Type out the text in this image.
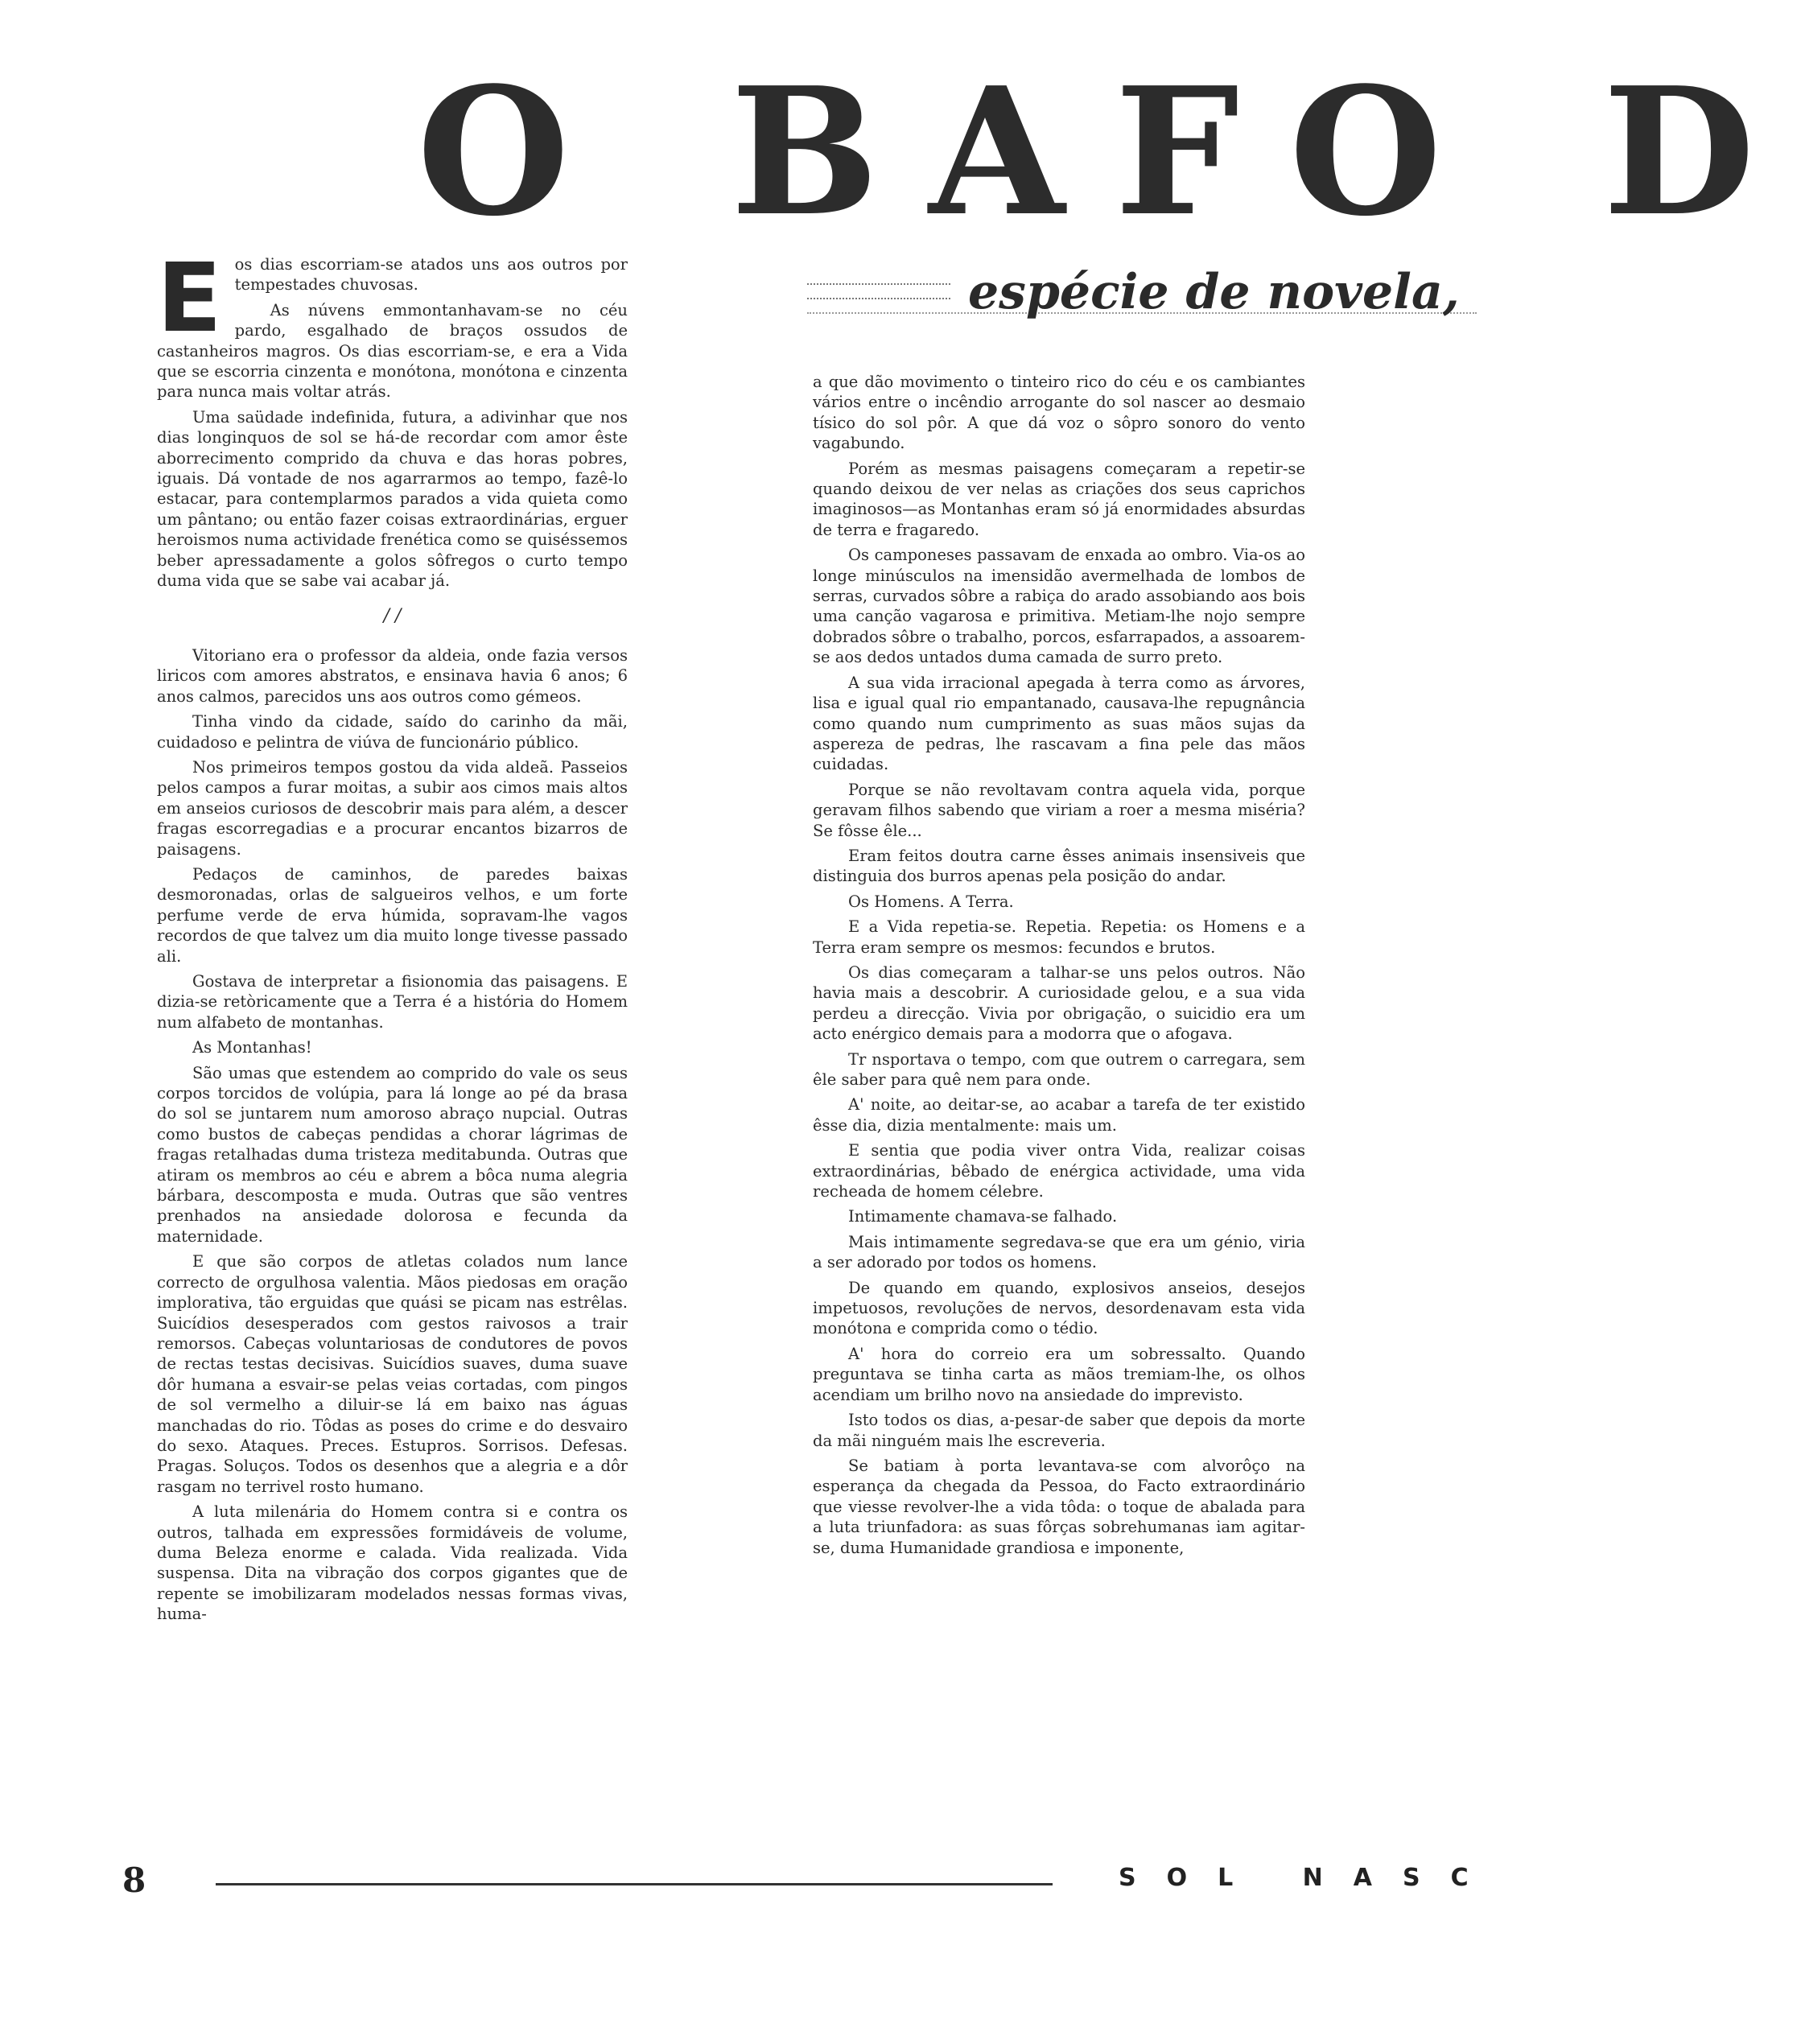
O BAFO D
espécie de novela,

Eos dias escorriam-se atados uns aos outros por tempestades chuvosas.

As núvens emmontanhavam-se no céu pardo, esgalhado de braços ossudos de castanheiros magros. Os dias escorriam-se, e era a Vida que se escorria cinzenta e monótona, monótona e cinzenta para nunca mais voltar atrás.

Uma saüdade indefinida, futura, a adivinhar que nos dias longinquos de sol se há-de recordar com amor êste aborrecimento comprido da chuva e das horas pobres, iguais. Dá vontade de nos agarrarmos ao tempo, fazê-lo estacar, para contemplarmos parados a vida quieta como um pântano; ou então fazer coisas extraordinárias, erguer heroismos numa actividade frenética como se quiséssemos beber apressadamente a golos sôfregos o curto tempo duma vida que se sabe vai acabar já.

/ /

Vitoriano era o professor da aldeia, onde fazia versos liricos com amores abstratos, e ensinava havia 6 anos; 6 anos calmos, parecidos uns aos outros como gémeos.

Tinha vindo da cidade, saído do carinho da mãi, cuidadoso e pelintra de viúva de funcionário público.

Nos primeiros tempos gostou da vida aldeã. Passeios pelos campos a furar moitas, a subir aos cimos mais altos em anseios curiosos de descobrir mais para além, a descer fragas escorregadias e a procurar encantos bizarros de paisagens.

Pedaços de caminhos, de paredes baixas desmoronadas, orlas de salgueiros velhos, e um forte perfume verde de erva húmida, sopravam-lhe vagos recordos de que talvez um dia muito longe tivesse passado ali.

Gostava de interpretar a fisionomia das paisagens. E dizia-se retòricamente que a Terra é a história do Homem num alfabeto de montanhas.

As Montanhas!

São umas que estendem ao comprido do vale os seus corpos torcidos de volúpia, para lá longe ao pé da brasa do sol se juntarem num amoroso abraço nupcial. Outras como bustos de cabeças pendidas a chorar lágrimas de fragas retalhadas duma tristeza meditabunda. Outras que atiram os membros ao céu e abrem a bôca numa alegria bárbara, descomposta e muda. Outras que são ventres prenhados na ansiedade dolorosa e fecunda da maternidade.

E que são corpos de atletas colados num lance correcto de orgulhosa valentia. Mãos piedosas em oração implorativa, tão erguidas que quási se picam nas estrêlas. Suicídios desesperados com gestos raivosos a trair remorsos. Cabeças voluntariosas de condutores de povos de rectas testas decisivas. Suicídios suaves, duma suave dôr humana a esvair-se pelas veias cortadas, com pingos de sol vermelho a diluir-se lá em baixo nas águas manchadas do rio. Tôdas as poses do crime e do desvairo do sexo. Ataques. Preces. Estupros. Sorrisos. Defesas. Pragas. Soluços. Todos os desenhos que a alegria e a dôr rasgam no terrivel rosto humano.

A luta milenária do Homem contra si e contra os outros, talhada em expressões formidáveis de volume, duma Beleza enorme e calada. Vida realizada. Vida suspensa. Dita na vibração dos corpos gigantes que de repente se imobilizaram modelados nessas formas vivas, huma-

a que dão movimento o tinteiro rico do céu e os cambiantes vários entre o incêndio arrogante do sol nascer ao desmaio tísico do sol pôr. A que dá voz o sôpro sonoro do vento vagabundo.

Porém as mesmas paisagens começaram a repetir-se quando deixou de ver nelas as criações dos seus caprichos imaginosos—as Montanhas eram só já enormidades absurdas de terra e fragaredo.

Os camponeses passavam de enxada ao ombro. Via-os ao longe minúsculos na imensidão avermelhada de lombos de serras, curvados sôbre a rabiça do arado assobiando aos bois uma canção vagarosa e primitiva. Metiam-lhe nojo sempre dobrados sôbre o trabalho, porcos, esfarrapados, a assoarem-se aos dedos untados duma camada de surro preto.

A sua vida irracional apegada à terra como as árvores, lisa e igual qual rio empantanado, causava-lhe repugnância como quando num cumprimento as suas mãos sujas da aspereza de pedras, lhe rascavam a fina pele das mãos cuidadas.

Porque se não revoltavam contra aquela vida, porque geravam filhos sabendo que viriam a roer a mesma miséria? Se fôsse êle...

Eram feitos doutra carne êsses animais insensiveis que distinguia dos burros apenas pela posição do andar.

Os Homens. A Terra.

E a Vida repetia-se. Repetia. Repetia: os Homens e a Terra eram sempre os mesmos: fecundos e brutos.

Os dias começaram a talhar-se uns pelos outros. Não havia mais a descobrir. A curiosidade gelou, e a sua vida perdeu a direcção. Vivia por obrigação, o suicidio era um acto enérgico demais para a modorra que o afogava.

Tr nsportava o tempo, com que outrem o carregara, sem êle saber para quê nem para onde.

A' noite, ao deitar-se, ao acabar a tarefa de ter existido êsse dia, dizia mentalmente: mais um.

E sentia que podia viver ontra Vida, realizar coisas extraordinárias, bêbado de enérgica actividade, uma vida recheada de homem célebre.

Intimamente chamava-se falhado.

Mais intimamente segredava-se que era um génio, viria a ser adorado por todos os homens.

De quando em quando, explosivos anseios, desejos impetuosos, revoluções de nervos, desordenavam esta vida monótona e comprida como o tédio.

A' hora do correio era um sobressalto. Quando preguntava se tinha carta as mãos tremiam-lhe, os olhos acendiam um brilho novo na ansiedade do imprevisto.

Isto todos os dias, a-pesar-de saber que depois da morte da mãi ninguém mais lhe escreveria.

Se batiam à porta levantava-se com alvorôço na esperança da chegada da Pessoa, do Facto extraordinário que viesse revolver-lhe a vida tôda: o toque de abalada para a luta triunfadora: as suas fôrças sobrehumanas iam agitar-se, duma Humanidade grandiosa e imponente,

8	SOL NASC
